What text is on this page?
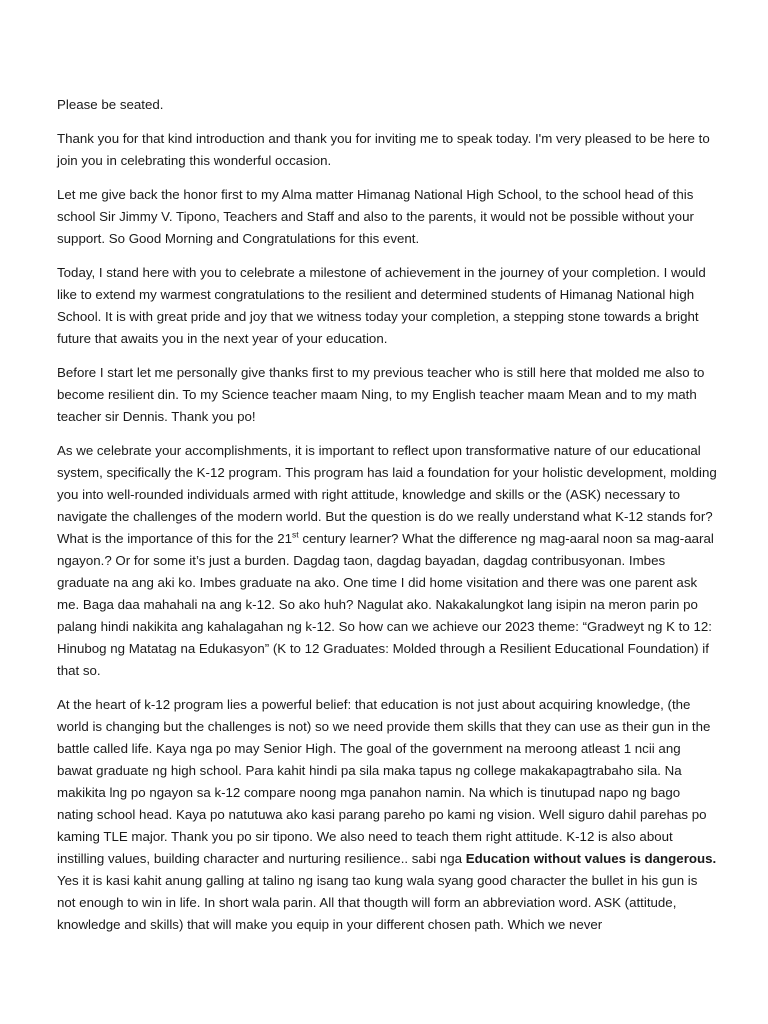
Please be seated.

Thank you for that kind introduction and thank you for inviting me to speak today. I'm very pleased to be here to join you in celebrating this wonderful occasion.

Let me give back the honor first to my Alma matter Himanag National High School, to the school head of this school Sir Jimmy V. Tipono, Teachers and Staff and also to the parents, it would not be possible without your support. So Good Morning and Congratulations for this event.

Today, I stand here with you to celebrate a milestone of achievement in the journey of your completion. I would like to extend my warmest congratulations to the resilient and determined students of Himanag National high School. It is with great pride and joy that we witness today your completion, a stepping stone towards a bright future that awaits you in the next year of your education.

Before I start let me personally give thanks first to my previous teacher who is still here that molded me also to become resilient din. To my Science teacher maam Ning, to my English teacher maam Mean and to my math teacher sir Dennis. Thank you po!

As we celebrate your accomplishments, it is important to reflect upon transformative nature of our educational system, specifically the K-12 program. This program has laid a foundation for your holistic development, molding you into well-rounded individuals armed with right attitude, knowledge and skills or the (ASK) necessary to navigate the challenges of the modern world. But the question is do we really understand what K-12 stands for? What is the importance of this for the 21st century learner? What the difference ng mag-aaral noon sa mag-aaral ngayon.? Or for some it’s just a burden. Dagdag taon, dagdag bayadan, dagdag contribusyonan. Imbes graduate na ang aki ko. Imbes graduate na ako. One time I did home visitation and there was one parent ask me. Baga daa mahahali na ang k-12. So ako huh? Nagulat ako. Nakakalungkot lang isipin na meron parin po palang hindi nakikita ang kahalagahan ng k-12. So how can we achieve our 2023 theme: “Gradweyt ng K to 12: Hinubog ng Matatag na Edukasyon” (K to 12 Graduates: Molded through a Resilient Educational Foundation) if that so.

At the heart of k-12 program lies a powerful belief: that education is not just about acquiring knowledge, (the world is changing but the challenges is not) so we need provide them skills that they can use as their gun in the battle called life. Kaya nga po may Senior High. The goal of the government na meroong atleast 1 ncii ang bawat graduate ng high school. Para kahit hindi pa sila maka tapus ng college makakapagtrabaho sila. Na makikita lng po ngayon sa k-12 compare noong mga panahon namin. Na which is tinutupad napo ng bago nating school head. Kaya po natutuwa ako kasi parang pareho po kami ng vision. Well siguro dahil parehas po kaming TLE major. Thank you po sir tipono. We also need to teach them right attitude. K-12 is also about instilling values, building character and nurturing resilience.. sabi nga Education without values is dangerous. Yes it is kasi kahit anung galling at talino ng isang tao kung wala syang good character the bullet in his gun is not enough to win in life. In short wala parin. All that thougth will form an abbreviation word. ASK (attitude, knowledge and skills) that will make you equip in your different chosen path. Which we never
